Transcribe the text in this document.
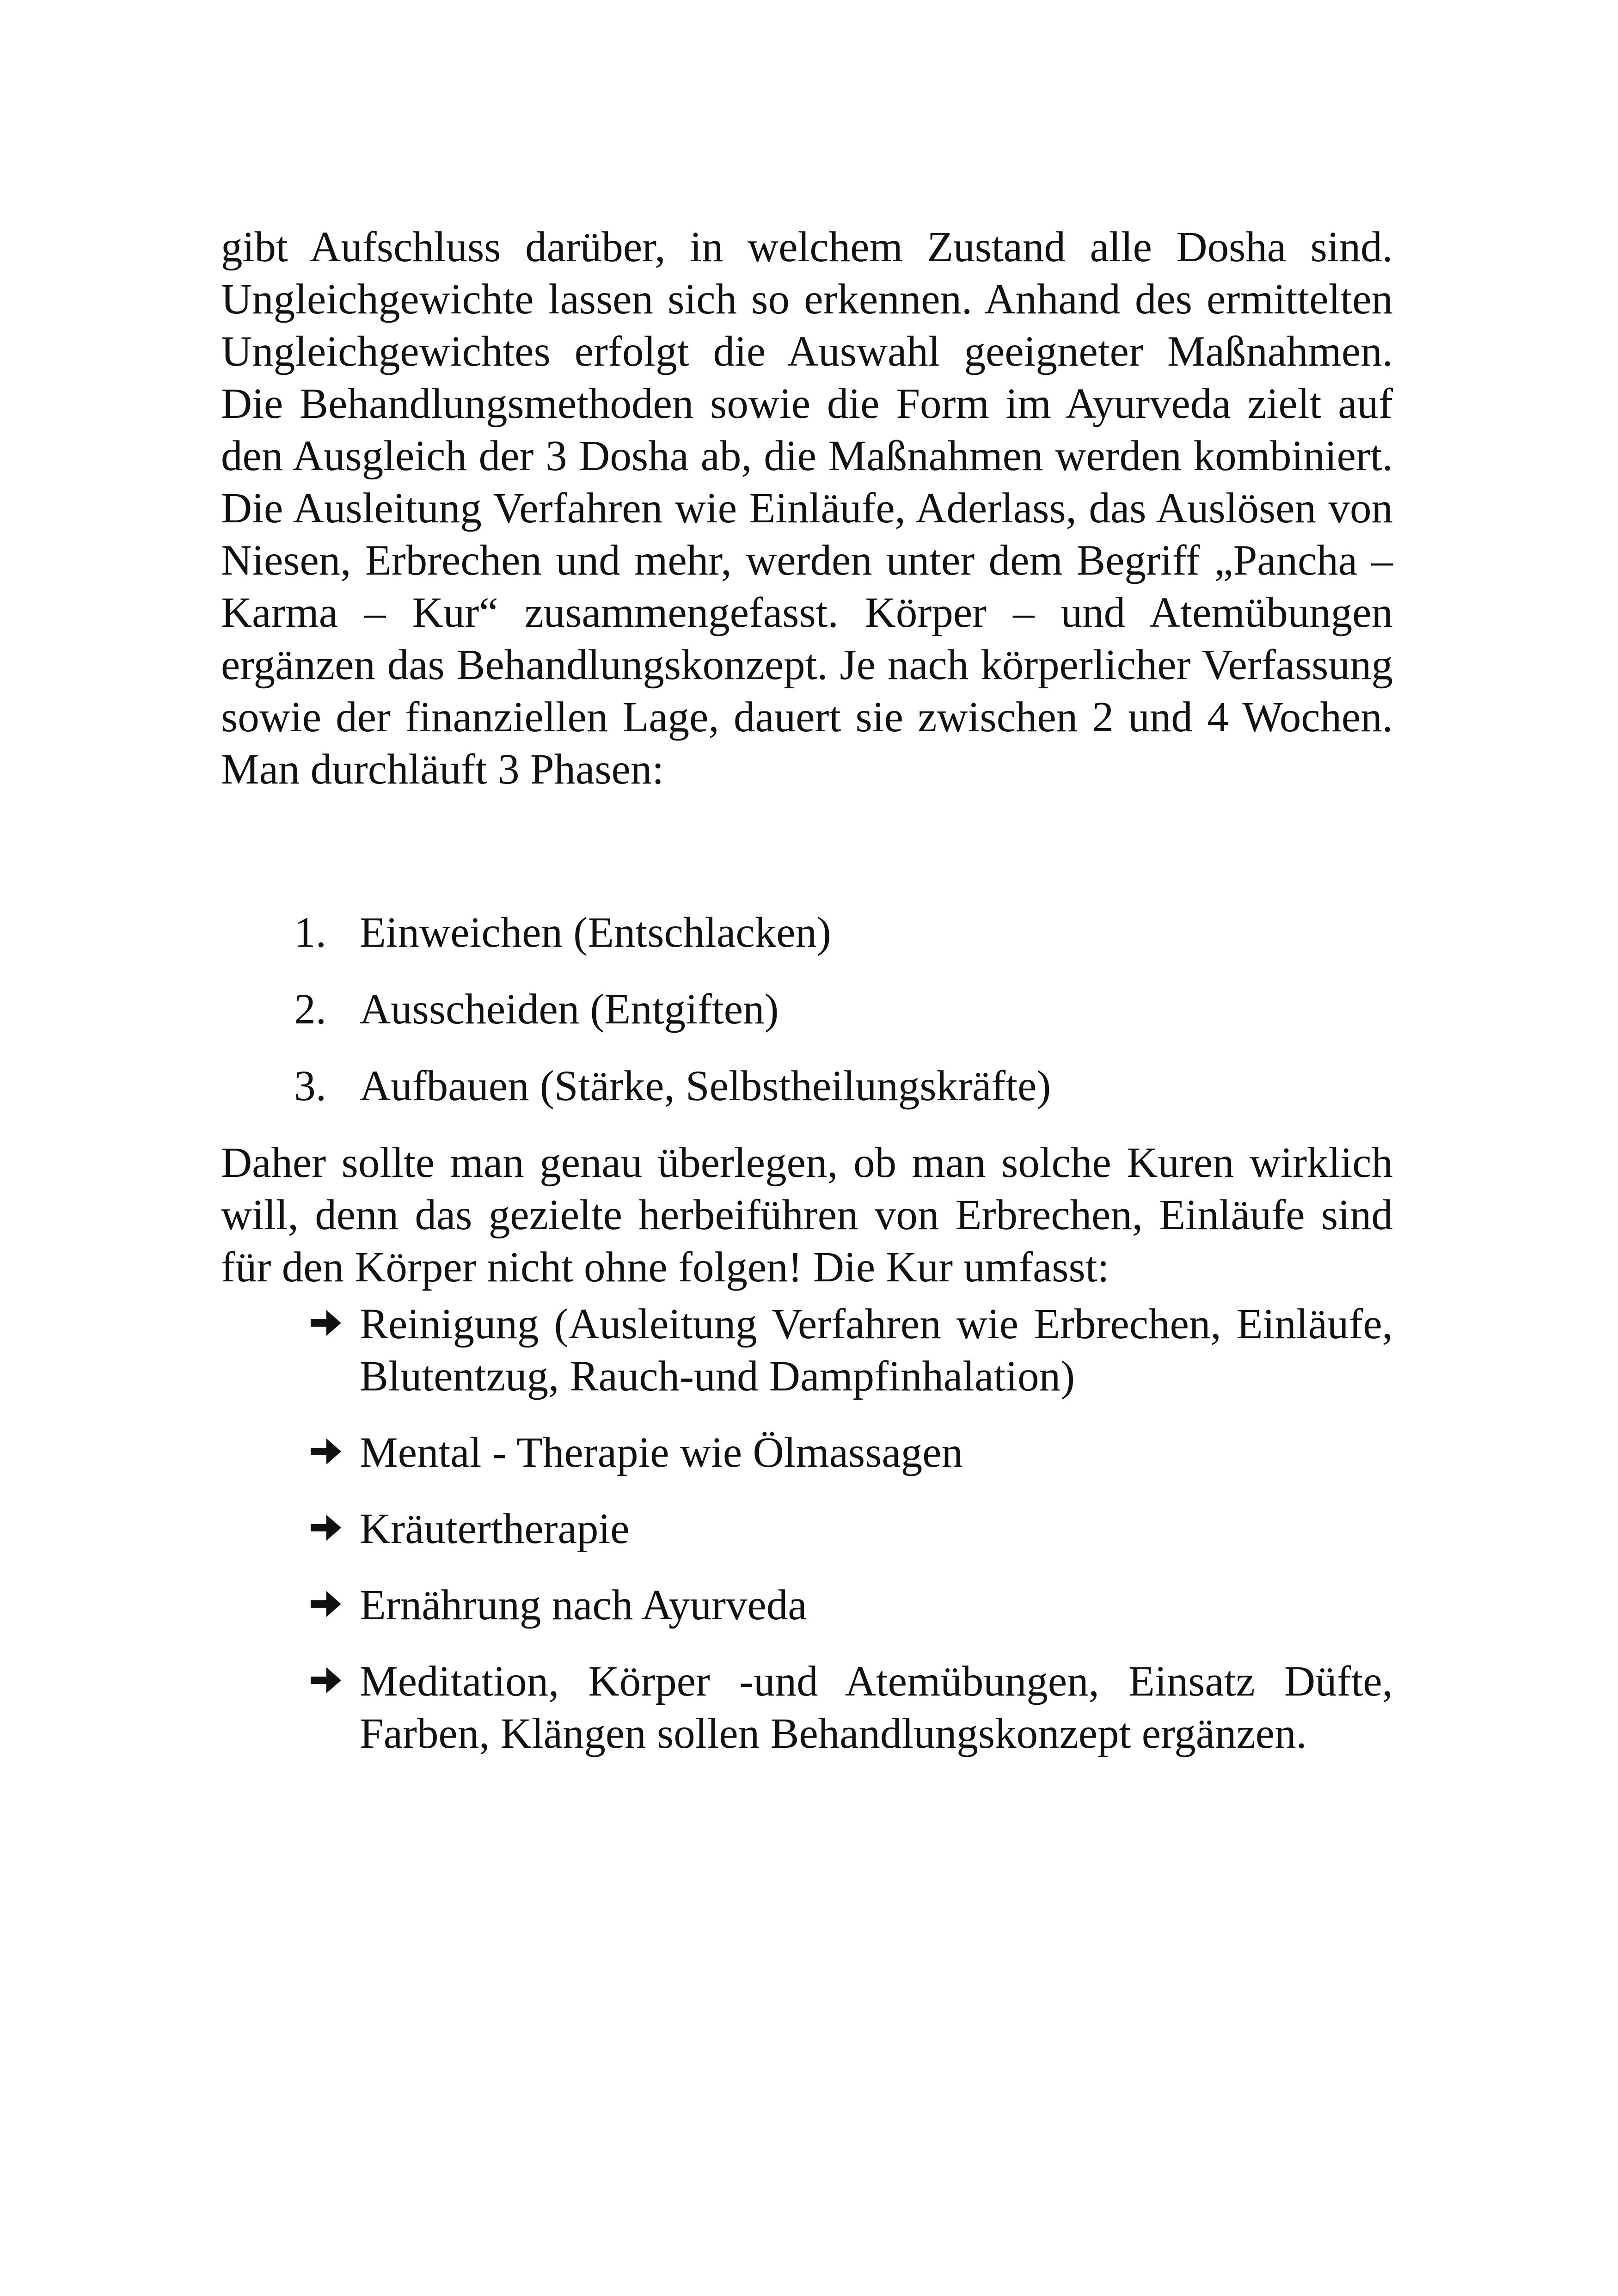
gibt Aufschluss darüber, in welchem Zustand alle Dosha sind. Ungleichgewichte lassen sich so erkennen. Anhand des ermittelten Ungleichgewichtes erfolgt die Auswahl geeigneter Maßnahmen. Die Behandlungsmethoden sowie die Form im Ayurveda zielt auf den Ausgleich der 3 Dosha ab, die Maßnahmen werden kombiniert. Die Ausleitung Verfahren wie Einläufe, Aderlass, das Auslösen von Niesen, Erbrechen und mehr, werden unter dem Begriff „Pancha – Karma – Kur“ zusammengefasst. Körper – und Atemübungen ergänzen das Behandlungskonzept. Je nach körperlicher Verfassung sowie der finanziellen Lage, dauert sie zwischen 2 und 4 Wochen. Man durchläuft 3 Phasen:

1. Einweichen (Entschlacken)
2. Ausscheiden (Entgiften)
3. Aufbauen (Stärke, Selbstheilungskräfte)

Daher sollte man genau überlegen, ob man solche Kuren wirklich will, denn das gezielte herbeiführen von Erbrechen, Einläufe sind für den Körper nicht ohne folgen! Die Kur umfasst:

Reinigung (Ausleitung Verfahren wie Erbrechen, Einläufe, Blutentzug, Rauch-und Dampfinhalation)
Mental - Therapie wie Ölmassagen
Kräutertherapie
Ernährung nach Ayurveda
Meditation, Körper -und Atemübungen, Einsatz Düfte, Farben, Klängen sollen Behandlungskonzept ergänzen.
